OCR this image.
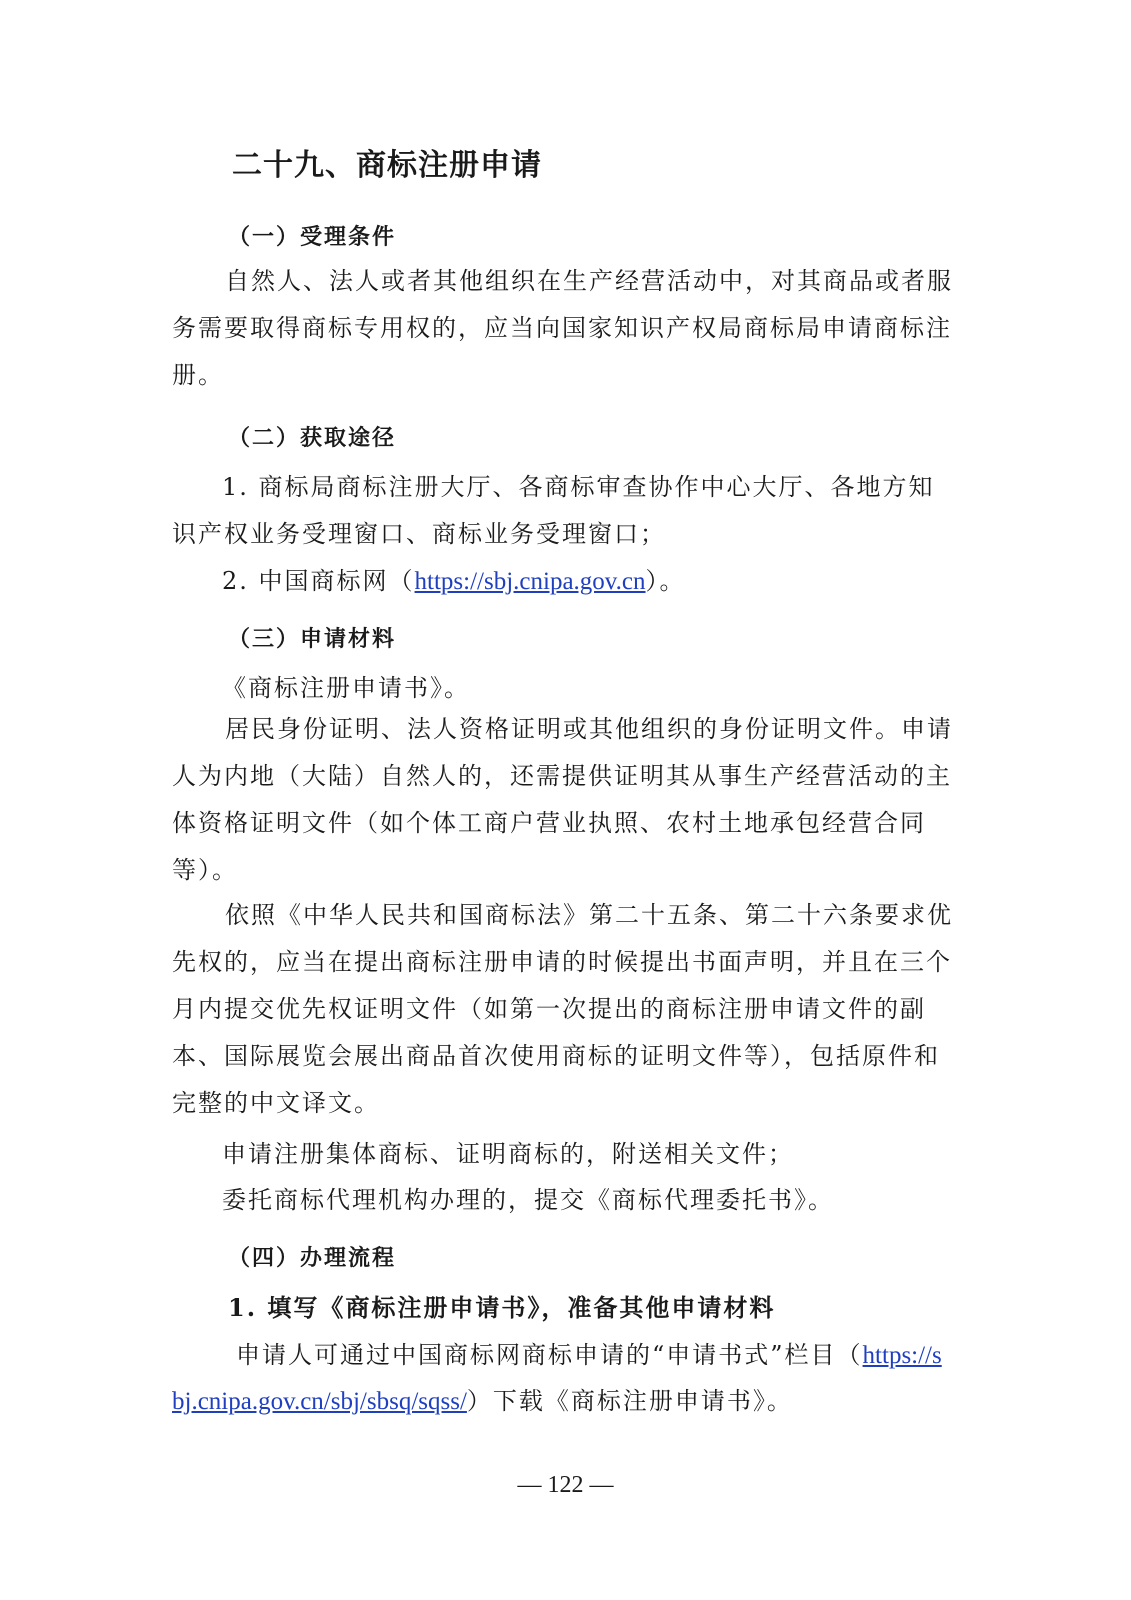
二十九、商标注册申请
（一）受理条件

自然人、法人或者其他组织在生产经营活动中，对其商品或者服务需要取得商标专用权的，应当向国家知识产权局商标局申请商标注册。

（二）获取途径

1. 商标局商标注册大厅、各商标审查协作中心大厅、各地方知

识产权业务受理窗口、商标业务受理窗口；

2. 中国商标网（https://sbj.cnipa.gov.cn）。

（三）申请材料

《商标注册申请书》。

居民身份证明、法人资格证明或其他组织的身份证明文件。申请人为内地（大陆）自然人的，还需提供证明其从事生产经营活动的主体资格证明文件（如个体工商户营业执照、农村土地承包经营合同等）。

依照《中华人民共和国商标法》第二十五条、第二十六条要求优先权的，应当在提出商标注册申请的时候提出书面声明，并且在三个月内提交优先权证明文件（如第一次提出的商标注册申请文件的副本、国际展览会展出商品首次使用商标的证明文件等），包括原件和完整的中文译文。

申请注册集体商标、证明商标的，附送相关文件；

委托商标代理机构办理的，提交《商标代理委托书》。

（四）办理流程

1. 填写《商标注册申请书》，准备其他申请材料

申请人可通过中国商标网商标申请的“申请书式”栏目（https://s

bj.cnipa.gov.cn/sbj/sbsq/sqss/）下载《商标注册申请书》。

— 122 —
